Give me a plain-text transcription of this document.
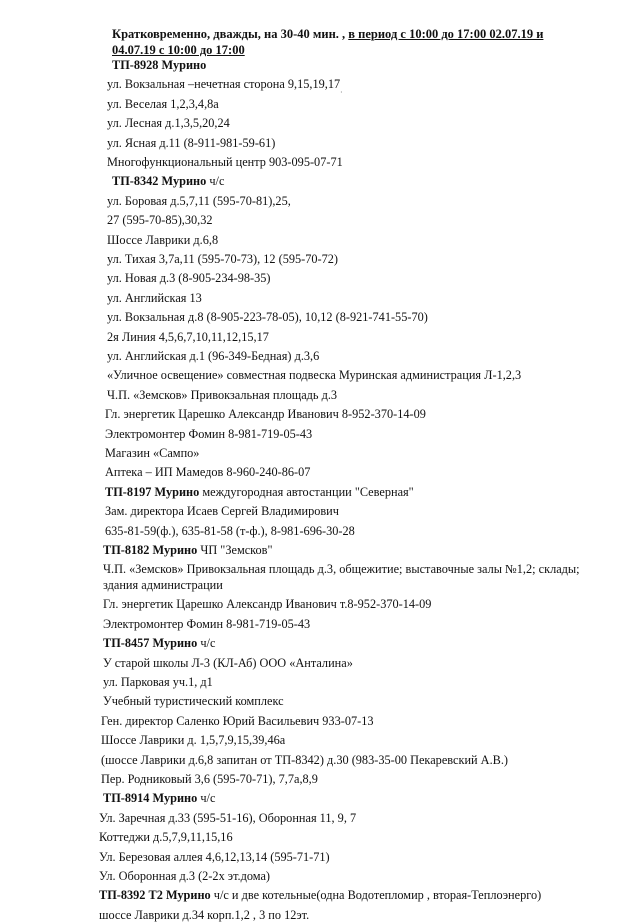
Кратковременно, дважды, на 30-40 мин. , в период с 10:00 до 17:00 02.07.19 и
04.07.19 с 10:00 до 17:00
ТП-8928 Мурино
ул. Вокзальная –нечетная сторона 9,15,19,17
·
ул. Веселая 1,2,3,4,8а
ул. Лесная д.1,3,5,20,24
ул. Ясная д.11 (8-911-981-59-61)
Многофункциональный центр 903-095-07-71
ТП-8342 Мурино ч/с
ул. Боровая д.5,7,11 (595-70-81),25,
27 (595-70-85),30,32
Шоссе Лаврики д.6,8
ул. Тихая 3,7а,11 (595-70-73), 12 (595-70-72)
ул. Новая д.3 (8-905-234-98-35)
ул. Английская 13
ул. Вокзальная д.8 (8-905-223-78-05), 10,12 (8-921-741-55-70)
2я Линия 4,5,6,7,10,11,12,15,17
ул. Английская д.1 (96-349-Бедная) д.3,6
«Уличное освещение» совместная подвеска Муринская администрация Л-1,2,3
Ч.П. «Земсков» Привокзальная площадь д.3
Гл. энергетик Царешко Александр Иванович 8-952-370-14-09
Электромонтер Фомин 8-981-719-05-43
Магазин «Сампо»
Аптека – ИП Мамедов 8-960-240-86-07
ТП-8197 Мурино междугородная автостанции "Северная"
Зам. директора Исаев Сергей Владимирович
635-81-59(ф.), 635-81-58 (т-ф.), 8-981-696-30-28
ТП-8182 Мурино ЧП "Земсков"
Ч.П. «Земсков» Привокзальная площадь д.3, общежитие; выставочные залы №1,2; склады; здания администрации
Гл. энергетик Царешко Александр Иванович т.8-952-370-14-09
Электромонтер Фомин 8-981-719-05-43
ТП-8457 Мурино ч/с
У старой школы Л-3 (КЛ-Аб) ООО «Анталина»
ул. Парковая уч.1, д1
Учебный туристический комплекс
Ген. директор Саленко Юрий Васильевич 933-07-13
Шоссе Лаврики д. 1,5,7,9,15,39,46а
(шоссе Лаврики д.6,8 запитан от ТП-8342) д.30 (983-35-00 Пекаревский А.В.)
Пер. Родниковый 3,6 (595-70-71), 7,7а,8,9
ТП-8914 Мурино ч/с
Ул. Заречная д.33 (595-51-16), Оборонная 11, 9, 7
Коттеджи д.5,7,9,11,15,16
Ул. Березовая аллея 4,6,12,13,14 (595-71-71)
Ул. Оборонная д.3 (2-2х эт.дома)
ТП-8392 Т2 Мурино ч/с и две котельные(одна Водотепломир , вторая-Теплоэнерго)
шоссе Лаврики д.34 корп.1,2 , 3 по 12эт.
